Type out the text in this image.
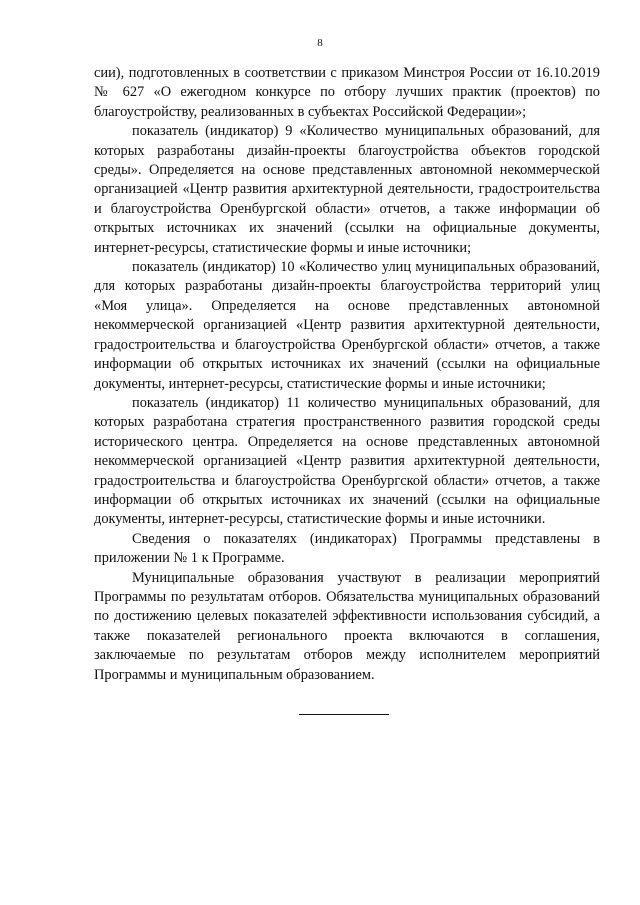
8

сии), подготовленных в соответствии с приказом Минстроя России от 16.10.2019 № 627 «О ежегодном конкурсе по отбору лучших практик (проектов) по благоустройству, реализованных в субъектах Российской Федерации»;

показатель (индикатор) 9 «Количество муниципальных образований, для которых разработаны дизайн-проекты благоустройства объектов городской среды». Определяется на основе представленных автономной некоммерческой организацией «Центр развития архитектурной деятельности, градостроительства и благоустройства Оренбургской области» отчетов, а также информации об открытых источниках их значений (ссылки на официальные документы, интернет-ресурсы, статистические формы и иные источники;

показатель (индикатор) 10 «Количество улиц муниципальных образований, для которых разработаны дизайн-проекты благоустройства территорий улиц «Моя улица». Определяется на основе представленных автономной некоммерческой организацией «Центр развития архитектурной деятельности, градостроительства и благоустройства Оренбургской области» отчетов, а также информации об открытых источниках их значений (ссылки на официальные документы, интернет-ресурсы, статистические формы и иные источники;

показатель (индикатор) 11 количество муниципальных образований, для которых разработана стратегия пространственного развития городской среды исторического центра. Определяется на основе представленных автономной некоммерческой организацией «Центр развития архитектурной деятельности, градостроительства и благоустройства Оренбургской области» отчетов, а также информации об открытых источниках их значений (ссылки на официальные документы, интернет-ресурсы, статистические формы и иные источники.

Сведения о показателях (индикаторах) Программы представлены в приложении № 1 к Программе.

Муниципальные образования участвуют в реализации мероприятий Программы по результатам отборов. Обязательства муниципальных образований по достижению целевых показателей эффективности использования субсидий, а также показателей регионального проекта включаются в соглашения, заключаемые по результатам отборов между исполнителем мероприятий Программы и муниципальным образованием.
